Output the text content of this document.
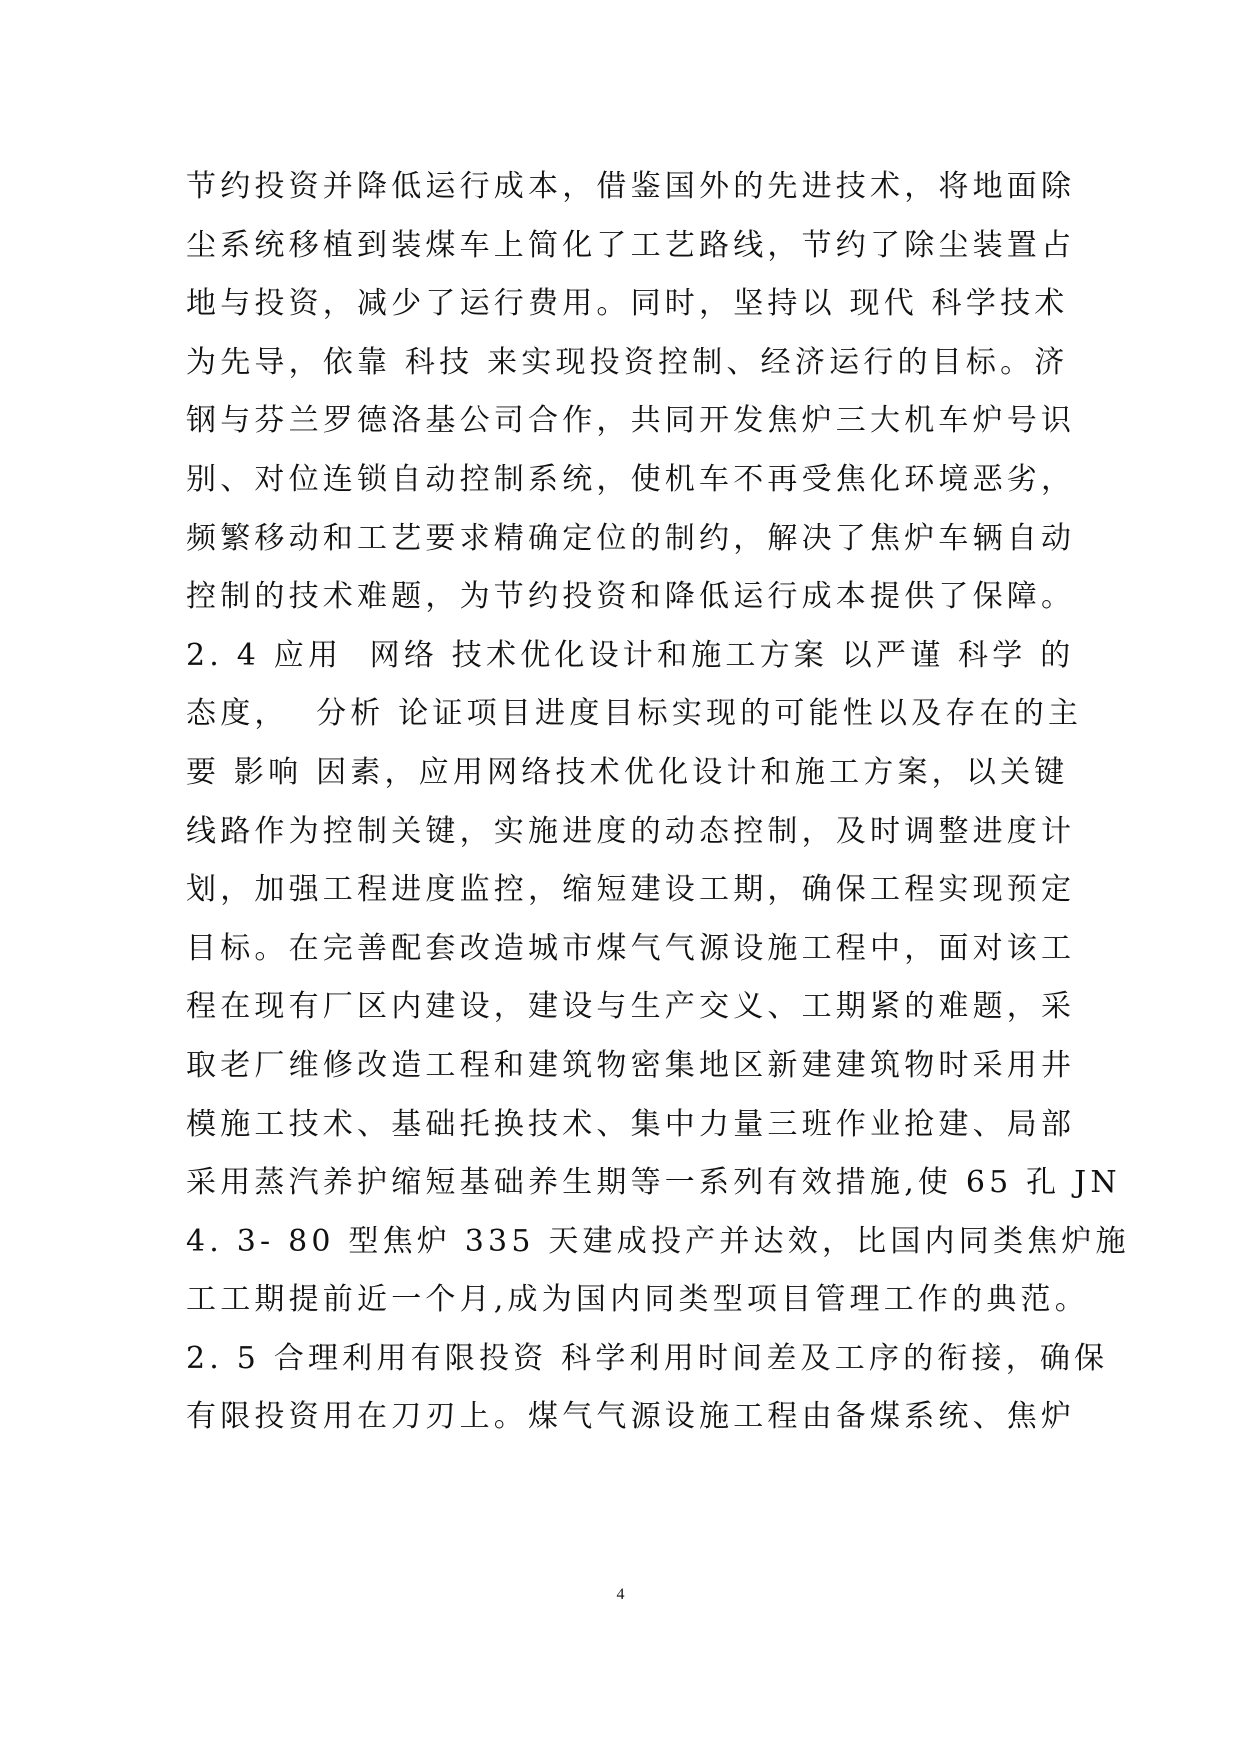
节约投资并降低运行成本，借鉴国外的先进技术，将地面除
尘系统移植到装煤车上简化了工艺路线，节约了除尘装置占
地与投资，减少了运行费用。同时，坚持以 现代 科学技术
为先导，依靠 科技 来实现投资控制、经济运行的目标。济
钢与芬兰罗德洛基公司合作，共同开发焦炉三大机车炉号识
别、对位连锁自动控制系统，使机车不再受焦化环境恶劣，
频繁移动和工艺要求精确定位的制约，解决了焦炉车辆自动
控制的技术难题，为节约投资和降低运行成本提供了保障。
2. 4 应用  网络 技术优化设计和施工方案 以严谨 科学 的
态度，  分析 论证项目进度目标实现的可能性以及存在的主
要 影响 因素，应用网络技术优化设计和施工方案，以关键
线路作为控制关键，实施进度的动态控制，及时调整进度计
划，加强工程进度监控，缩短建设工期，确保工程实现预定
目标。在完善配套改造城市煤气气源设施工程中，面对该工
程在现有厂区内建设，建设与生产交义、工期紧的难题，采
取老厂维修改造工程和建筑物密集地区新建建筑物时采用井
模施工技术、基础托换技术、集中力量三班作业抢建、局部
采用蒸汽养护缩短基础养生期等一系列有效措施,使 65 孔 JN
4. 3- 80 型焦炉 335 天建成投产并达效，比国内同类焦炉施
工工期提前近一个月,成为国内同类型项目管理工作的典范。
2. 5 合理利用有限投资 科学利用时间差及工序的衔接，确保
有限投资用在刀刃上。煤气气源设施工程由备煤系统、焦炉
4
